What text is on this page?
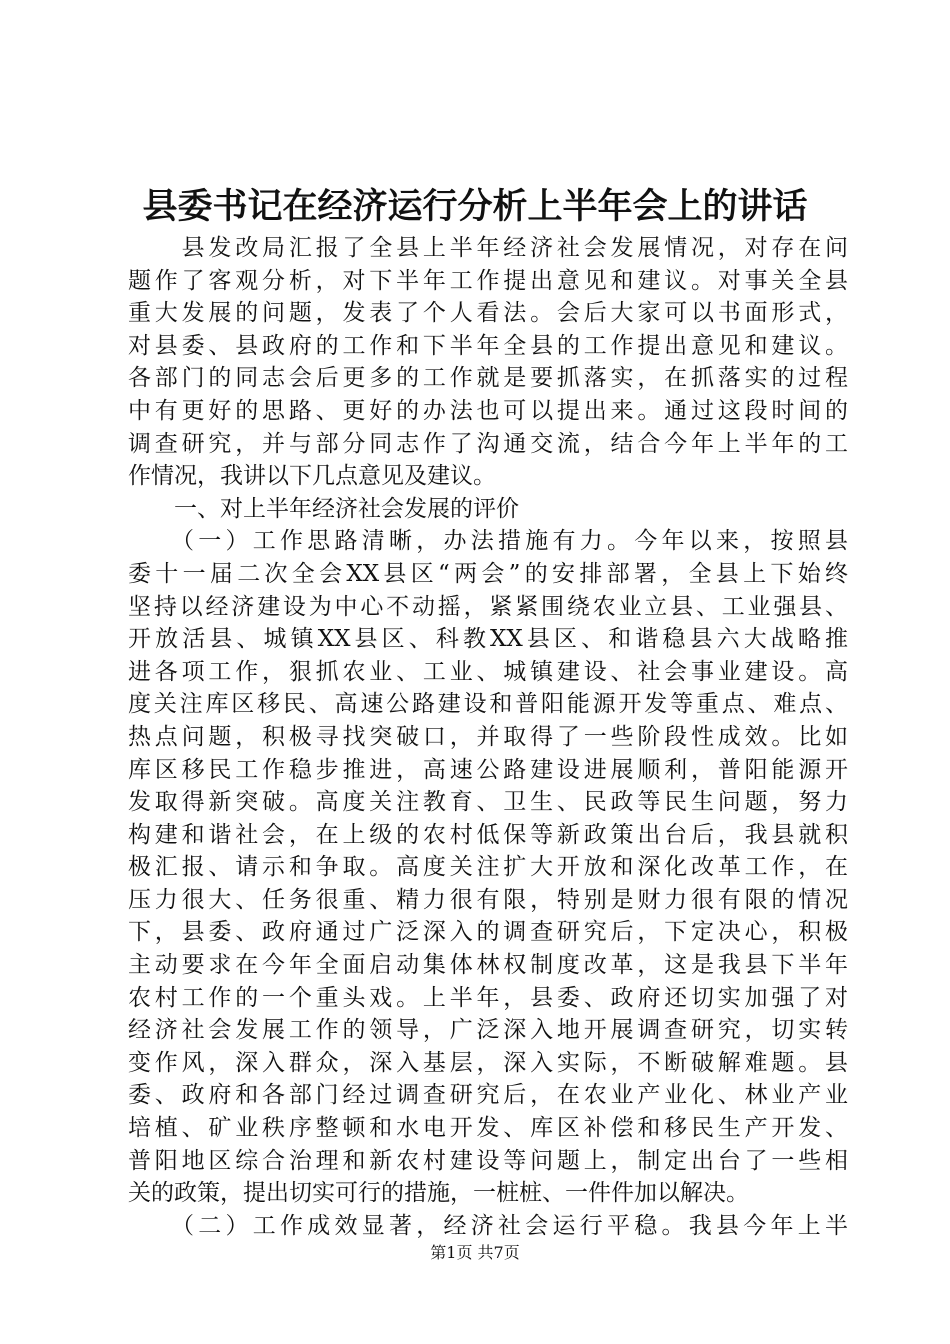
县委书记在经济运行分析上半年会上的讲话
　　县发改局汇报了全县上半年经济社会发展情况，对存在问
题作了客观分析，对下半年工作提出意见和建议。对事关全县
重大发展的问题，发表了个人看法。会后大家可以书面形式，
对县委、县政府的工作和下半年全县的工作提出意见和建议。
各部门的同志会后更多的工作就是要抓落实，在抓落实的过程
中有更好的思路、更好的办法也可以提出来。通过这段时间的
调查研究，并与部分同志作了沟通交流，结合今年上半年的工
作情况，我讲以下几点意见及建议。
　　一、对上半年经济社会发展的评价
　　（一）工作思路清晰，办法措施有力。今年以来，按照县
委十一届二次全会XX县区“两会”的安排部署，全县上下始终
坚持以经济建设为中心不动摇，紧紧围绕农业立县、工业强县、
开放活县、城镇XX县区、科教XX县区、和谐稳县六大战略推
进各项工作，狠抓农业、工业、城镇建设、社会事业建设。高
度关注库区移民、高速公路建设和普阳能源开发等重点、难点、
热点问题，积极寻找突破口，并取得了一些阶段性成效。比如
库区移民工作稳步推进，高速公路建设进展顺利，普阳能源开
发取得新突破。高度关注教育、卫生、民政等民生问题，努力
构建和谐社会，在上级的农村低保等新政策出台后，我县就积
极汇报、请示和争取。高度关注扩大开放和深化改革工作，在
压力很大、任务很重、精力很有限，特别是财力很有限的情况
下，县委、政府通过广泛深入的调查研究后，下定决心，积极
主动要求在今年全面启动集体林权制度改革，这是我县下半年
农村工作的一个重头戏。上半年，县委、政府还切实加强了对
经济社会发展工作的领导，广泛深入地开展调查研究，切实转
变作风，深入群众，深入基层，深入实际，不断破解难题。县
委、政府和各部门经过调查研究后，在农业产业化、林业产业
培植、矿业秩序整顿和水电开发、库区补偿和移民生产开发、
普阳地区综合治理和新农村建设等问题上，制定出台了一些相
关的政策，提出切实可行的措施，一桩桩、一件件加以解决。
　　（二）工作成效显著，经济社会运行平稳。我县今年上半
第1页 共7页
